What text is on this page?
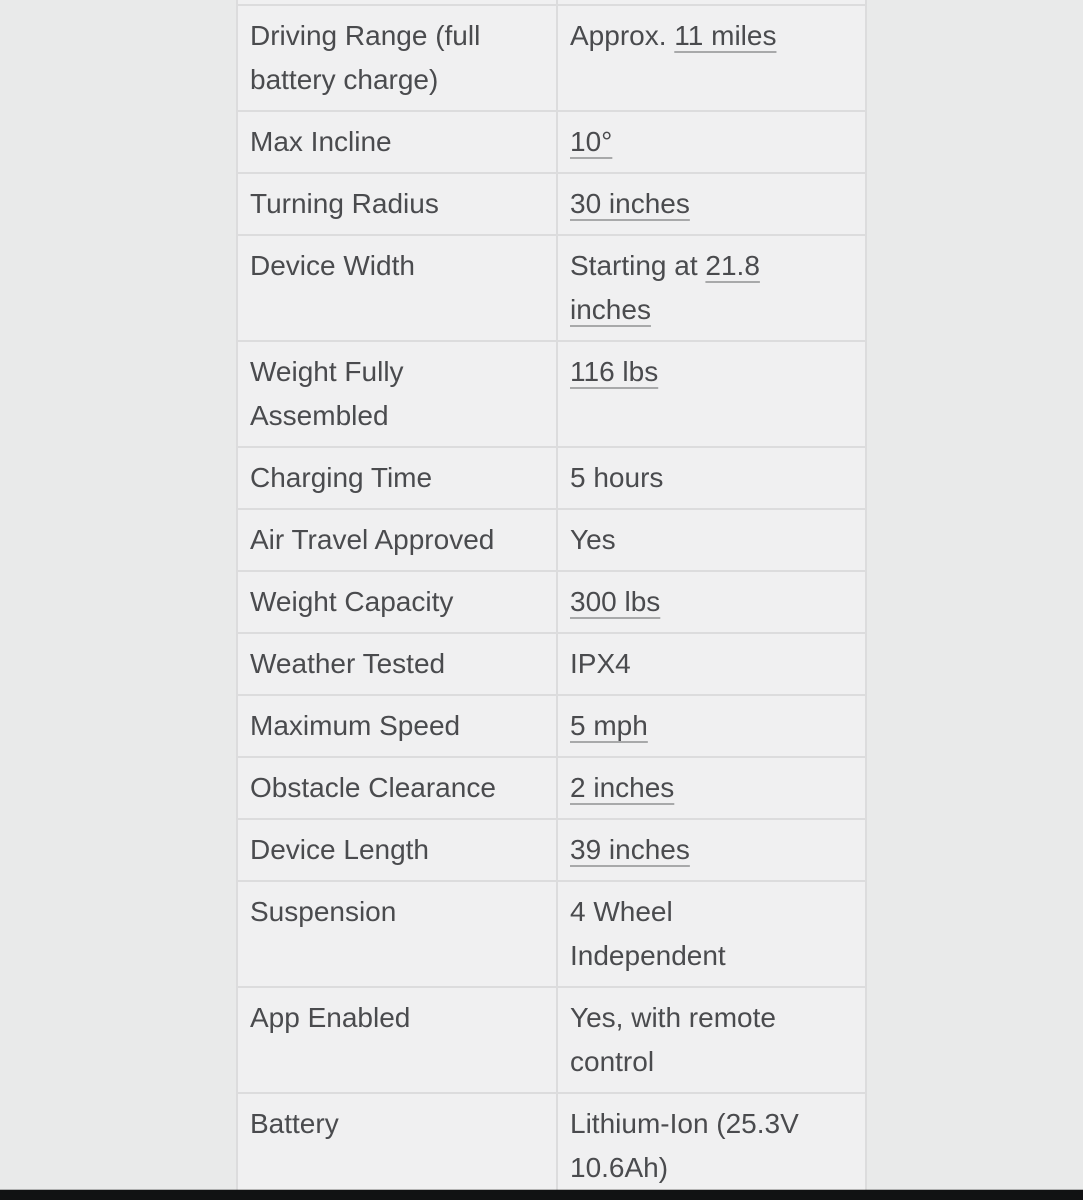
Driving Range (full battery charge)	Approx. 11 miles
Max Incline	10°
Turning Radius	30 inches
Device Width	Starting at 21.8 inches
Weight Fully Assembled	116 lbs
Charging Time	5 hours
Air Travel Approved	Yes
Weight Capacity	300 lbs
Weather Tested	IPX4
Maximum Speed	5 mph
Obstacle Clearance	2 inches
Device Length	39 inches
Suspension	4 Wheel Independent
App Enabled	Yes, with remote control
Battery	Lithium-Ion (25.3V 10.6Ah)
